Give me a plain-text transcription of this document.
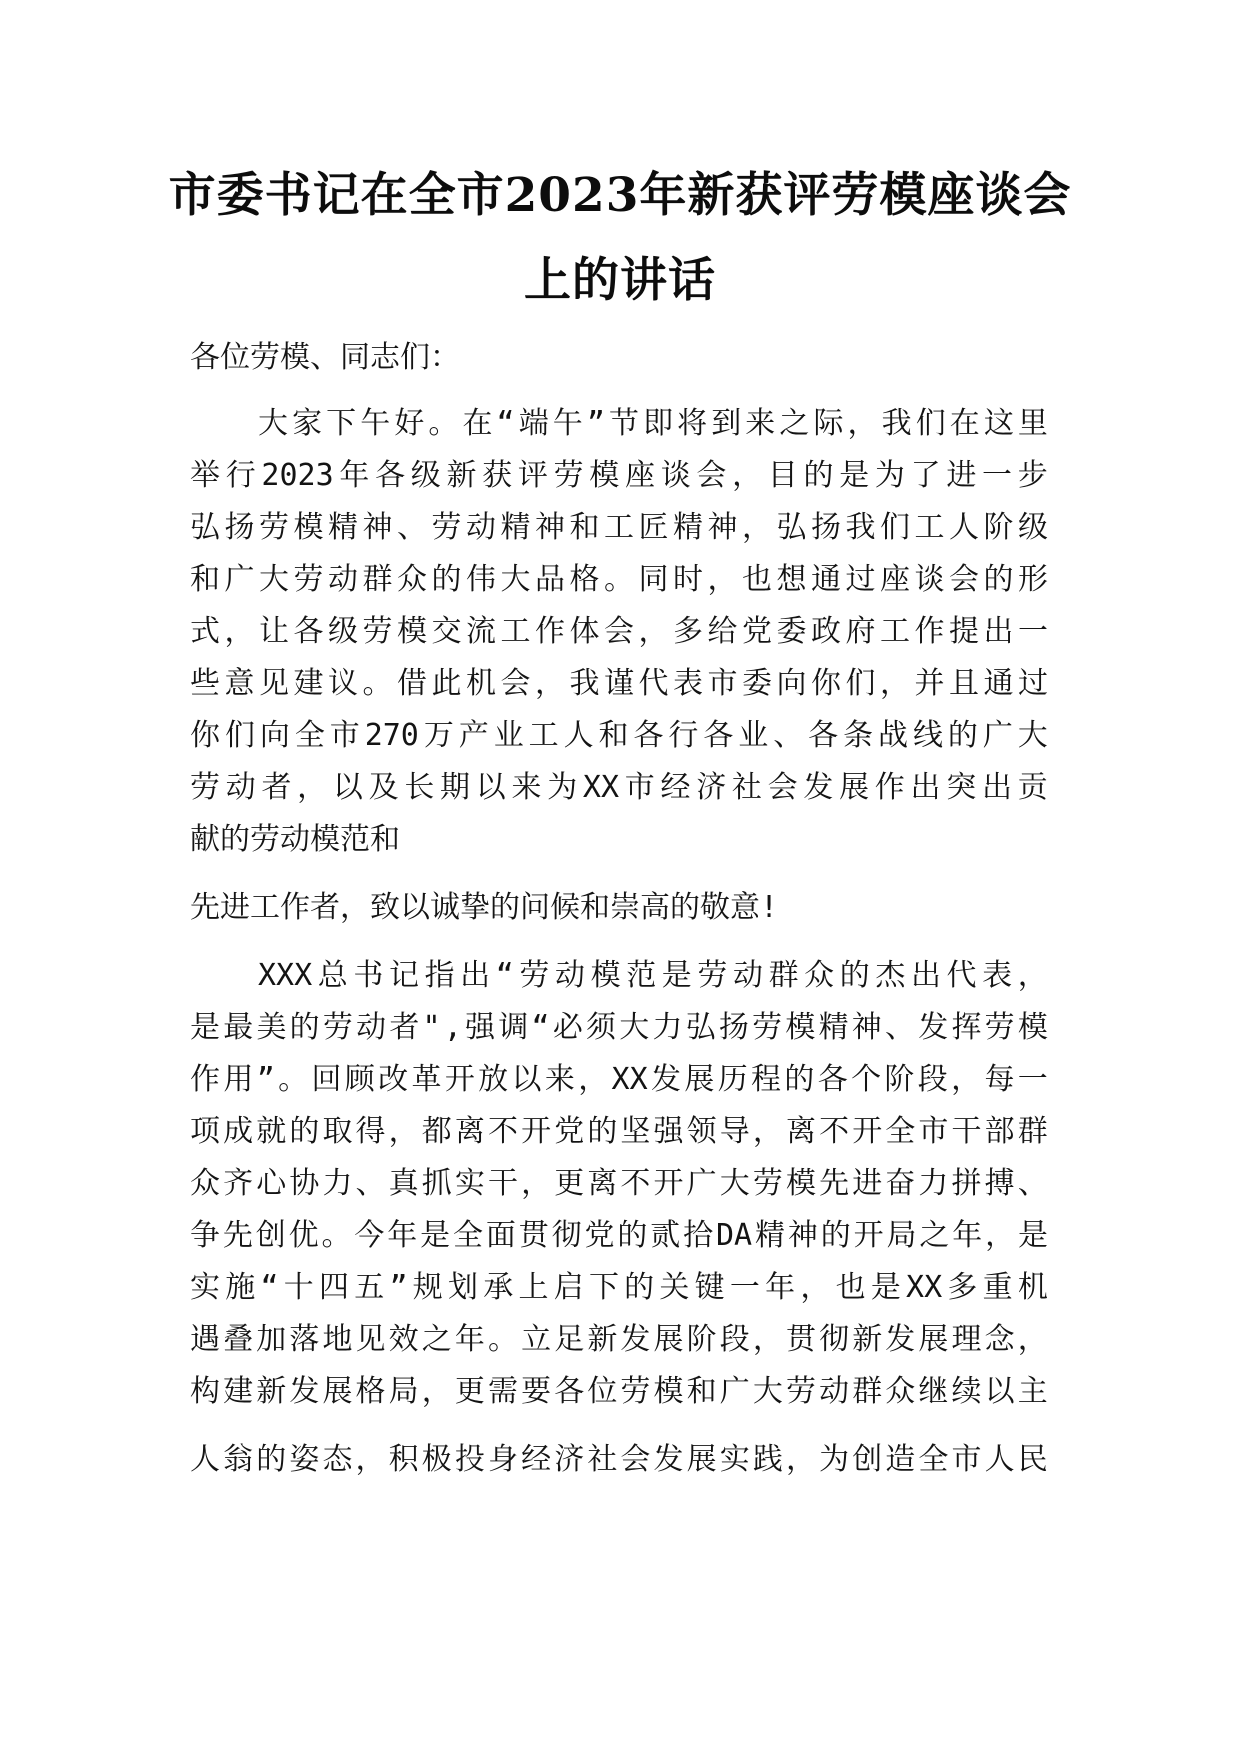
市委书记在全市2023年新获评劳模座谈会
上的讲话
各位劳模、同志们：
大 家 下 午 好 。 在 “ 端 午 ” 节 即 将 到 来 之 际 ， 我 们 在 这 里
举 行 2023 年 各 级 新 获 评 劳 模 座 谈 会 ， 目 的 是 为 了 进 一 步
弘 扬 劳 模 精 神 、 劳 动 精 神 和 工 匠 精 神 ， 弘 扬 我 们 工 人 阶 级
和 广 大 劳 动 群 众 的 伟 大 品 格 。 同 时 ， 也 想 通 过 座 谈 会 的 形
式 ， 让 各 级 劳 模 交 流 工 作 体 会 ， 多 给 党 委 政 府 工 作 提 出 一
些 意 见 建 议 。 借 此 机 会 ， 我 谨 代 表 市 委 向 你 们 ， 并 且 通 过
你 们 向 全 市 270 万 产 业 工 人 和 各 行 各 业 、 各 条 战 线 的 广 大
劳 动 者 ， 以 及 长 期 以 来 为 XX 市 经 济 社 会 发 展 作 出 突 出 贡
献的劳动模范和
先进工作者，致以诚挚的问候和崇高的敬意!
XXX 总 书 记 指 出 “ 劳 动 模 范 是 劳 动 群 众 的 杰 出 代 表 ，
是 最 美 的 劳 动 者 " , 强 调 “ 必 须 大 力 弘 扬 劳 模 精 神 、 发 挥 劳 模
作 用 ” 。 回 顾 改 革 开 放 以 来 ， XX 发 展 历 程 的 各 个 阶 段 ， 每 一
项 成 就 的 取 得 ， 都 离 不 开 党 的 坚 强 领 导 ， 离 不 开 全 市 干 部 群
众 齐 心 协 力 、 真 抓 实 干 ， 更 离 不 开 广 大 劳 模 先 进 奋 力 拼 搏 、
争 先 创 优 。 今 年 是 全 面 贯 彻 党 的 贰 拾 DA 精 神 的 开 局 之 年 ， 是
实 施 “ 十 四 五 ” 规 划 承 上 启 下 的 关 键 一 年 ， 也 是 XX 多 重 机
遇 叠 加 落 地 见 效 之 年 。 立 足 新 发 展 阶 段 ， 贯 彻 新 发 展 理 念 ，
构 建 新 发 展 格 局 ， 更 需 要 各 位 劳 模 和 广 大 劳 动 群 众 继 续 以 主
人 翁 的 姿 态 ， 积 极 投 身 经 济 社 会 发 展 实 践 ， 为 创 造 全 市 人 民
